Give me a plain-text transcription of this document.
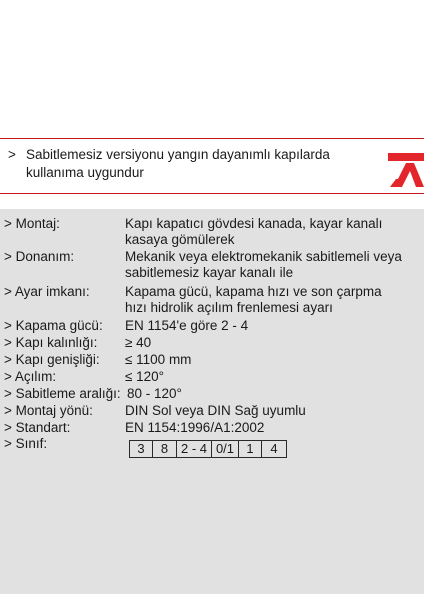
> Sabitlemesiz versiyonu yangın dayanımlı kapılarda
kullanıma uygundur
> Montaj:	Kapı kapatıcı gövdesi kanada, kayar kanalı
kasaya gömülerek
> Donanım:	Mekanik veya elektromekanik sabitlemeli veya
sabitlemesiz kayar kanalı ile
> Ayar imkanı:	Kapama gücü, kapama hızı ve son çarpma
hızı hidrolik açılım frenlemesi ayarı
> Kapama gücü: EN 1154'e göre 2 - 4
> Kapı kalınlığı: ≥ 40
> Kapı genişliği: ≤ 1100 mm
> Açılım:	≤ 120°
> Sabitleme aralığı: 80 - 120°
> Montaj yönü: DIN Sol veya DIN Sağ uyumlu
> Standart:	EN 1154:1996/A1:2002
> Sınıf:	3	8	2 - 4	0/1	1	4
